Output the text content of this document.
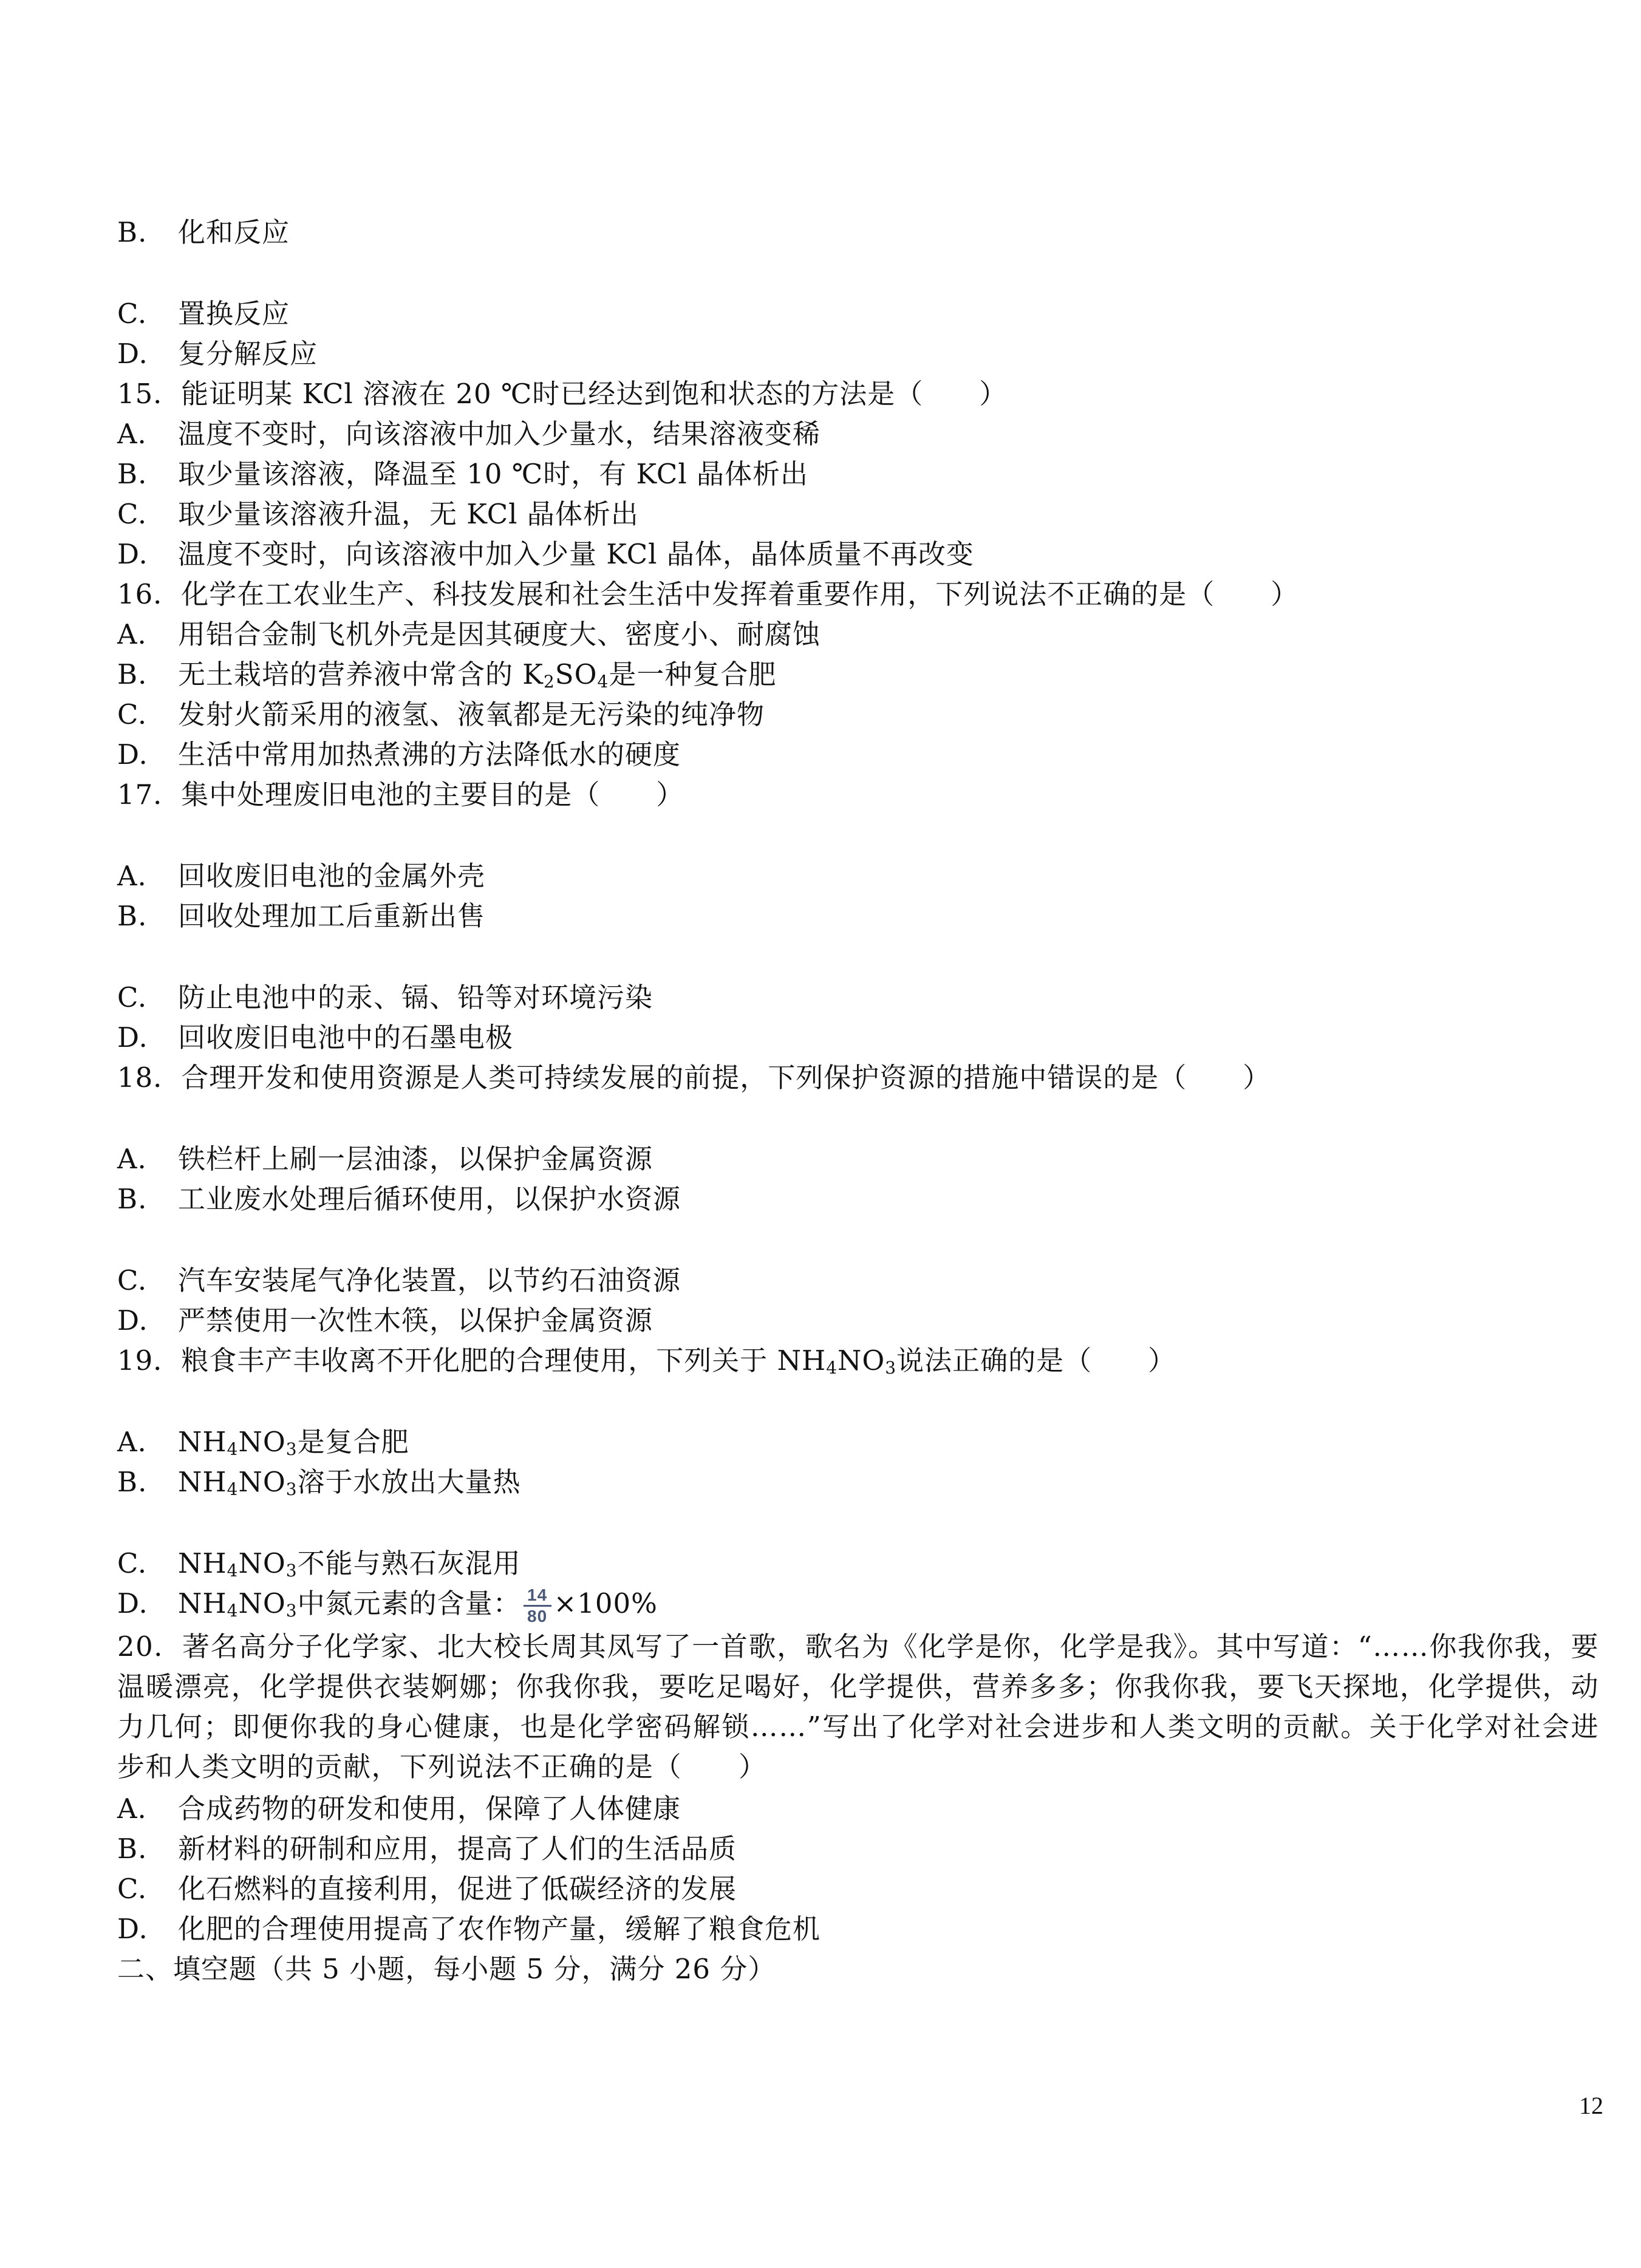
B. 化和反应
C. 置换反应
D. 复分解反应
15．能证明某 KCl 溶液在 20 ℃时已经达到饱和状态的方法是（　　）
A. 温度不变时，向该溶液中加入少量水，结果溶液变稀
B. 取少量该溶液，降温至 10 ℃时，有 KCl 晶体析出
C. 取少量该溶液升温，无 KCl 晶体析出
D. 温度不变时，向该溶液中加入少量 KCl 晶体，晶体质量不再改变
16．化学在工农业生产、科技发展和社会生活中发挥着重要作用，下列说法不正确的是（　　）
A. 用铝合金制飞机外壳是因其硬度大、密度小、耐腐蚀
B. 无土栽培的营养液中常含的 $K_2SO_4$是一种复合肥
C. 发射火箭采用的液氢、液氧都是无污染的纯净物
D. 生活中常用加热煮沸的方法降低水的硬度
17．集中处理废旧电池的主要目的是（　　）
A. 回收废旧电池的金属外壳
B. 回收处理加工后重新出售
C. 防止电池中的汞、镉、铅等对环境污染
D. 回收废旧电池中的石墨电极
18．合理开发和使用资源是人类可持续发展的前提，下列保护资源的措施中错误的是（　　）
A. 铁栏杆上刷一层油漆，以保护金属资源
B. 工业废水处理后循环使用，以保护水资源
C. 汽车安装尾气净化装置，以节约石油资源
D. 严禁使用一次性木筷，以保护金属资源
19．粮食丰产丰收离不开化肥的合理使用，下列关于 $NH_4NO_3$说法正确的是（　　）
A. $NH_4NO_3$是复合肥
B. $NH_4NO_3$溶于水放出大量热
C. $NH_4NO_3$不能与熟石灰混用
D. $NH_4NO_3$中氮元素的含量： $\frac{14}{80} \times 100\%$
20．著名高分子化学家、北大校长周其凤写了一首歌，歌名为《化学是你，化学是我》。其中写道：“……你我你我，要温暖漂亮，化学提供衣装婀娜；你我你我，要吃足喝好，化学提供，营养多多；你我你我，要飞天探地，化学提供，动力几何；即便你我的身心健康，也是化学密码解锁……”写出了化学对社会进步和人类文明的贡献。关于化学对社会进步和人类文明的贡献，下列说法不正确的是（　　）
A. 合成药物的研发和使用，保障了人体健康
B. 新材料的研制和应用，提高了人们的生活品质
C. 化石燃料的直接利用，促进了低碳经济的发展
D. 化肥的合理使用提高了农作物产量，缓解了粮食危机
二、填空题（共 5 小题，每小题 5 分，满分 26 分）
12
